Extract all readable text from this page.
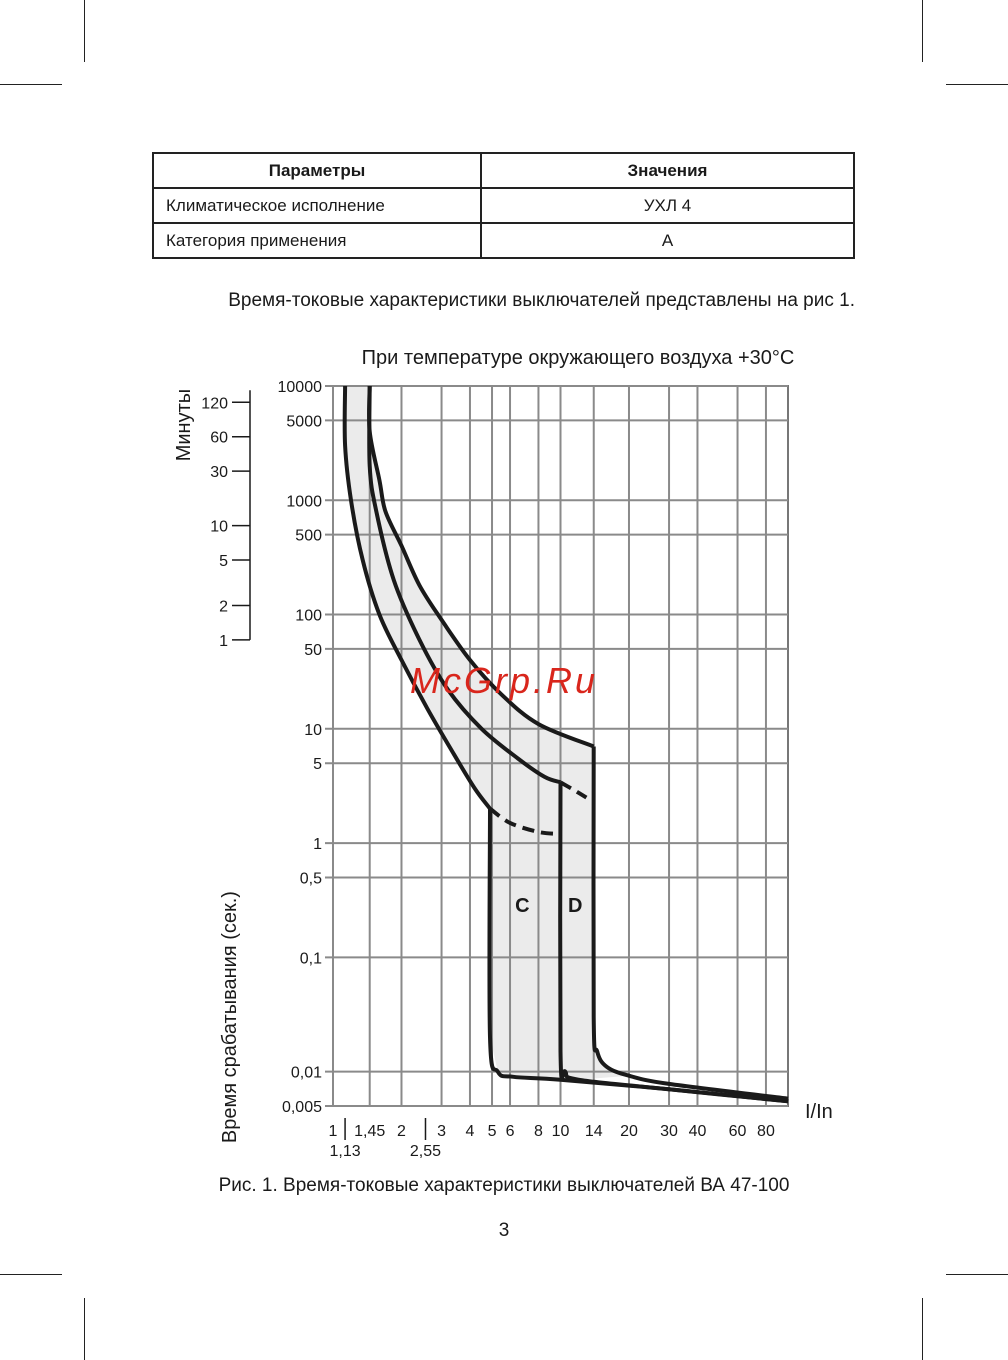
Параметры	Значения
Климатическое исполнение	УХЛ 4
Категория применения	А
Время-токовые характеристики выключателей представлены на рис 1.
При температуре окружающего воздуха +30°C
10000
5000
1000
500
100
50
10
5
1
0,5
0,1
0,01
0,005
1 1,45 2 3 4 5 6 8 10 14 20 30 40 60 80
1,13	2,55
I/In
120
60
30
10
5
2
1
Минуты
Время срабатывания (сек.)	C D
McGrp.Ru
Рис. 1. Время-токовые характеристики выключателей ВА 47-100
3
